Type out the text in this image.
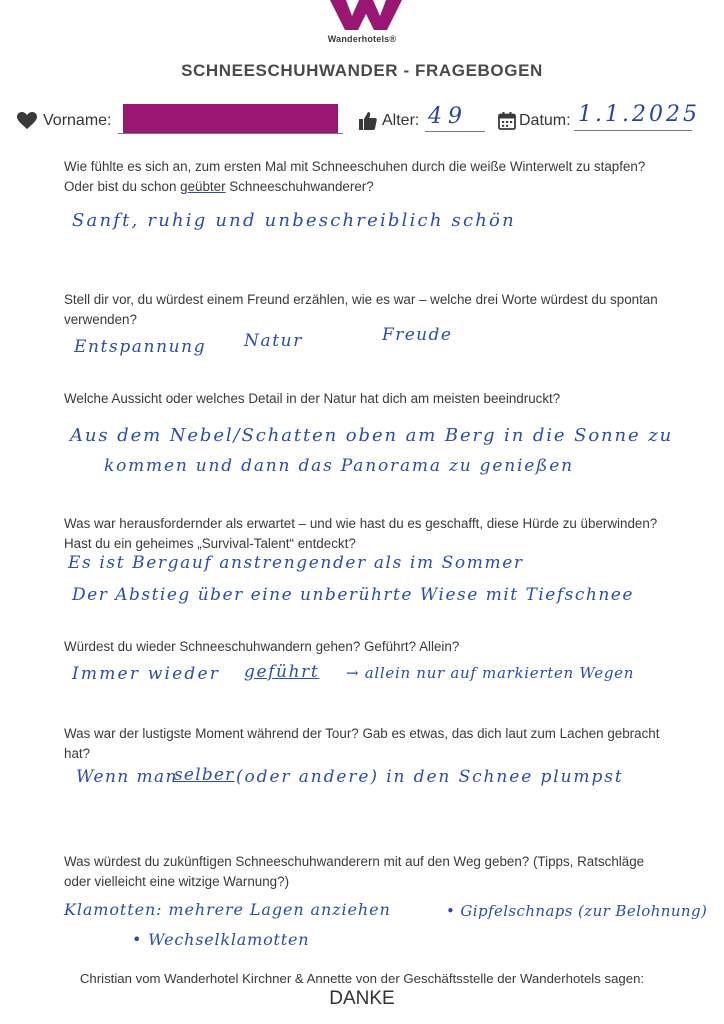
Wanderhotels®
SCHNEESCHUHWANDER - FRAGEBOGEN
Vorname:	Alter: 49	Datum: 1.1.2025
Wie fühlte es sich an, zum ersten Mal mit Schneeschuhen durch die weiße Winterwelt zu stapfen? Oder bist du schon geübter Schneeschuhwanderer?
Sanft, ruhig und unbeschreiblich schön
Stell dir vor, du würdest einem Freund erzählen, wie es war – welche drei Worte würdest du spontan verwenden?
Entspannung Natur	Freude
Welche Aussicht oder welches Detail in der Natur hat dich am meisten beeindruckt?
Aus dem Nebel/Schatten oben am Berg in die Sonne zu
kommen und dann das Panorama zu genießen
Was war herausfordernder als erwartet – und wie hast du es geschafft, diese Hürde zu überwinden? Hast du ein geheimes „Survival-Talent“ entdeckt?
Es ist Bergauf anstrengender als im Sommer
Der Abstieg über eine unberührte Wiese mit Tiefschnee
Würdest du wieder Schneeschuhwandern gehen? Geführt? Allein?
Immer wieder geführt → allein nur auf markierten Wegen
Was war der lustigste Moment während der Tour? Gab es etwas, das dich laut zum Lachen gebracht hat?
Wenn man
selber (oder andere) in den Schnee plumpst
Was würdest du zukünftigen Schneeschuhwanderern mit auf den Weg geben? (Tipps, Ratschläge oder vielleicht eine witzige Warnung?)
Klamotten: mehrere Lagen anziehen	• Gipfelschnaps (zur Belohnung)
• Wechselklamotten
Christian vom Wanderhotel Kirchner & Annette von der Geschäftsstelle der Wanderhotels sagen:
DANKE
